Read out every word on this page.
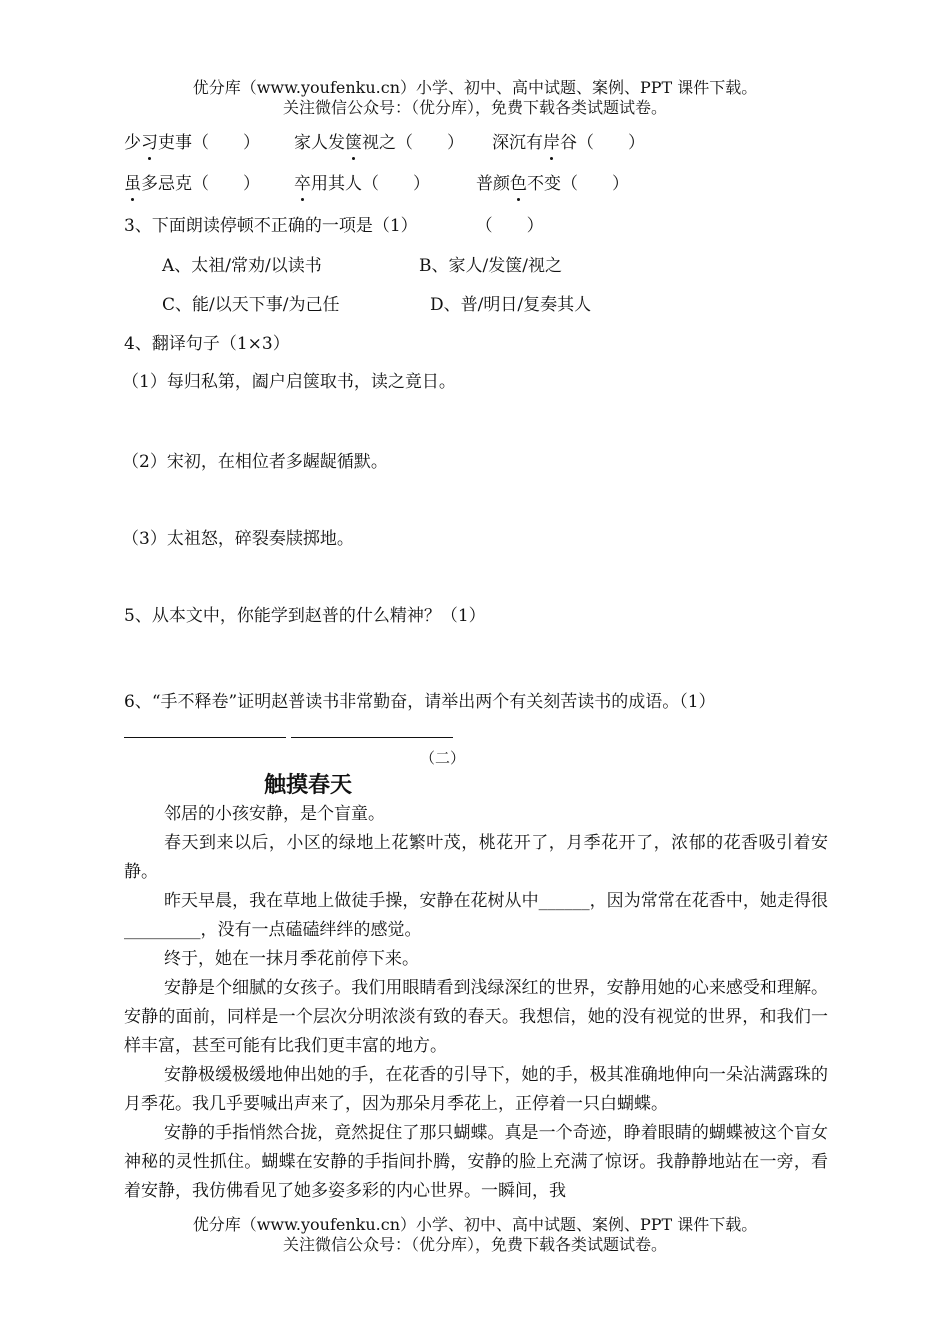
优分库（www.youfenku.cn）小学、初中、高中试题、案例、PPT 课件下载。
关注微信公众号：（优分库），免费下载各类试题试卷。
少习吏事（　　） 家人发箧视之（　　） 深沉有岸谷（　　）
虽多忌克（　　） 卒用其人（　　）	普颜色不变（　　）
3、下面朗读停顿不正确的一项是（1）	（　　）
A、太祖/常劝/以读书	B、家人/发箧/视之
C、能/以天下事/为己任	D、普/明日/复奏其人
4、翻译句子（1×3）
（1）每归私第，阖户启箧取书，读之竟日。
（2）宋初，在相位者多龌龊循默。
（3）太祖怒，碎裂奏牍掷地。
5、从本文中，你能学到赵普的什么精神？（1）
6、“手不释卷”证明赵普读书非常勤奋，请举出两个有关刻苦读书的成语。（1）
（二）
触摸春天
邻居的小孩安静，是个盲童。
春天到来以后，小区的绿地上花繁叶茂，桃花开了，月季花开了，浓郁的花香吸引着安静。
昨天早晨，我在草地上做徒手操，安静在花树从中______，因为常常在花香中，她走得很_________，没有一点磕磕绊绊的感觉。
终于，她在一抹月季花前停下来。
安静是个细腻的女孩子。我们用眼睛看到浅绿深红的世界，安静用她的心来感受和理解。安静的面前，同样是一个层次分明浓淡有致的春天。我想信，她的没有视觉的世界，和我们一样丰富，甚至可能有比我们更丰富的地方。
安静极缓极缓地伸出她的手，在花香的引导下，她的手，极其准确地伸向一朵沾满露珠的月季花。我几乎要喊出声来了，因为那朵月季花上，正停着一只白蝴蝶。
安静的手指悄然合拢，竟然捉住了那只蝴蝶。真是一个奇迹，睁着眼睛的蝴蝶被这个盲女神秘的灵性抓住。蝴蝶在安静的手指间扑腾，安静的脸上充满了惊讶。我静静地站在一旁，看着安静，我仿佛看见了她多姿多彩的内心世界。一瞬间，我
优分库（www.youfenku.cn）小学、初中、高中试题、案例、PPT 课件下载。
关注微信公众号：（优分库），免费下载各类试题试卷。
